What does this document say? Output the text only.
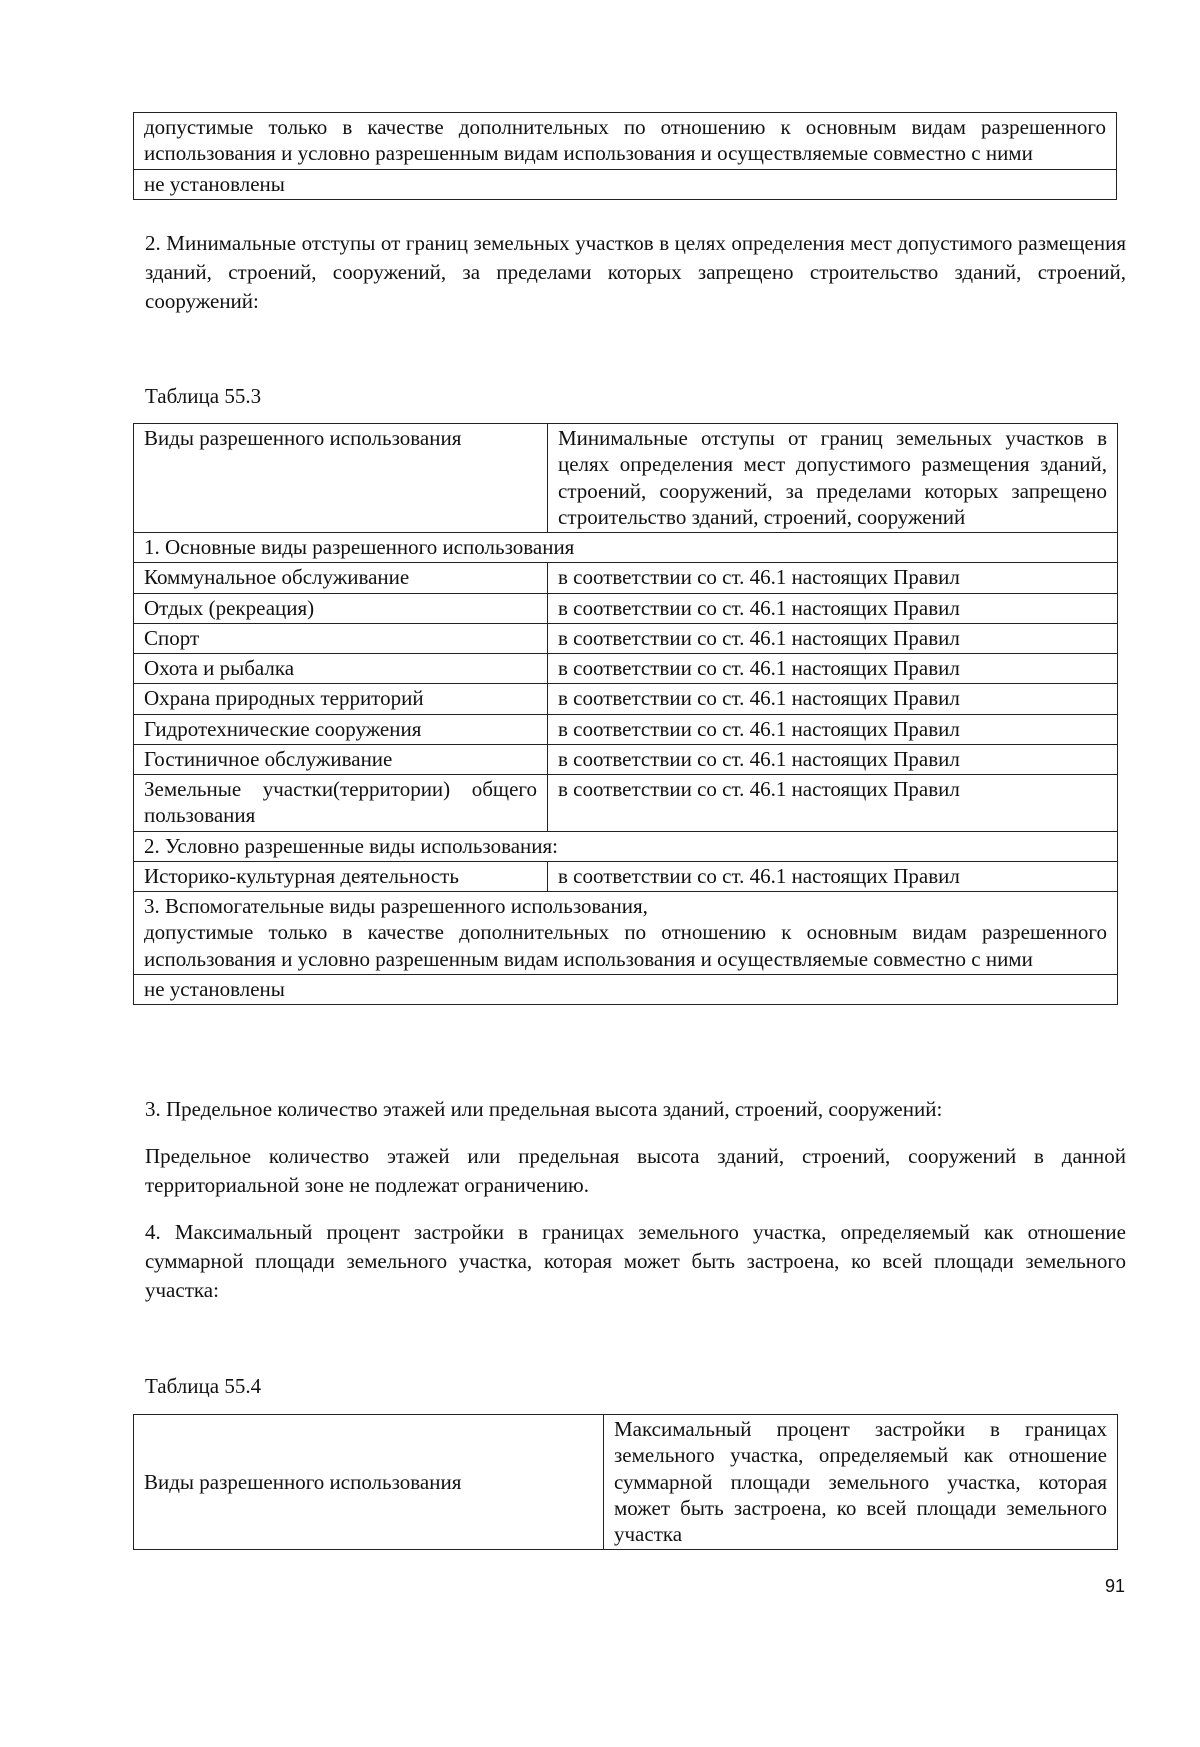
допустимые только в качестве дополнительных по отношению к основным видам разрешенного использования и условно разрешенным видам использования и осуществляемые совместно с ними
не установлены
2. Минимальные отступы от границ земельных участков в целях определения мест допустимого размещения зданий, строений, сооружений, за пределами которых запрещено строительство зданий, строений, сооружений:
Таблица 55.3
Виды разрешенного использования	Минимальные отступы от границ земельных участков в целях определения мест допустимого размещения зданий, строений, сооружений, за пределами которых запрещено строительство зданий, строений, сооружений
1. Основные виды разрешенного использования	
Коммунальное обслуживание	в соответствии со ст. 46.1 настоящих Правил
Отдых (рекреация)	в соответствии со ст. 46.1 настоящих Правил
Спорт	в соответствии со ст. 46.1 настоящих Правил
Охота и рыбалка	в соответствии со ст. 46.1 настоящих Правил
Охрана природных территорий	в соответствии со ст. 46.1 настоящих Правил
Гидротехнические сооружения	в соответствии со ст. 46.1 настоящих Правил
Гостиничное обслуживание	в соответствии со ст. 46.1 настоящих Правил
Земельные участки(территории) общего пользования	в соответствии со ст. 46.1 настоящих Правил
2. Условно разрешенные виды использования:	
Историко-культурная деятельность	в соответствии со ст. 46.1 настоящих Правил

3. Вспомогательные виды разрешенного использования,
допустимые только в качестве дополнительных по отношению к основным видам разрешенного использования и условно разрешенным видам использования и осуществляемые совместно с ними	

не установлены	
3. Предельное количество этажей или предельная высота зданий, строений, сооружений:
Предельное количество этажей или предельная высота зданий, строений, сооружений в данной территориальной зоне не подлежат ограничению.
4. Максимальный процент застройки в границах земельного участка, определяемый как отношение суммарной площади земельного участка, которая может быть застроена, ко всей площади земельного участка:
Таблица 55.4
Виды разрешенного использования	Максимальный процент застройки в границах земельного участка, определяемый как отношение суммарной площади земельного участка, которая может быть застроена, ко всей площади земельного участка
91
